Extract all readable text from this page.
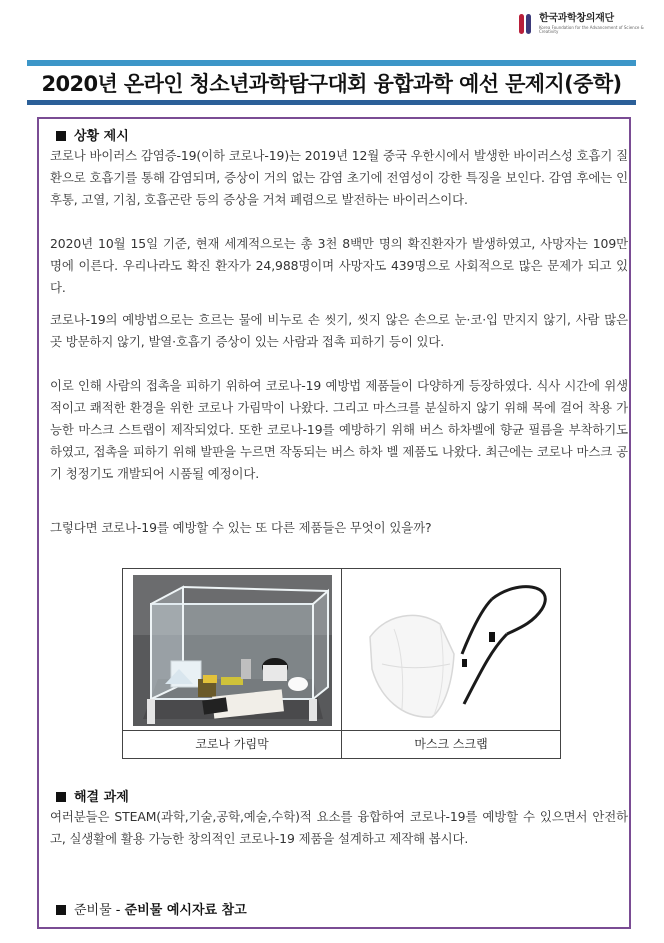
한국과학창의재단
Korea Foundation for the Advancement of Science & Creativity
2020년 온라인 청소년과학탐구대회 융합과학 예선 문제지(중학)
상황 제시
코로나 바이러스 감염증-19(이하 코로나-19)는 2019년 12월 중국 우한시에서 발생한 바이러스성 호흡기 질환으로 호흡기를 통해 감염되며, 증상이 거의 없는 감염 초기에 전염성이 강한 특징을 보인다. 감염 후에는 인후통, 고열, 기침, 호흡곤란 등의 증상을 거쳐 폐렴으로 발전하는 바이러스이다.
2020년 10월 15일 기준, 현재 세계적으로는 총 3천 8백만 명의 확진환자가 발생하였고, 사망자는 109만 명에 이른다. 우리나라도 확진 환자가 24,988명이며 사망자도 439명으로 사회적으로 많은 문제가 되고 있다.
코로나-19의 예방법으로는 흐르는 물에 비누로 손 씻기, 씻지 않은 손으로 눈·코·입 만지지 않기, 사람 많은 곳 방문하지 않기, 발열·호흡기 증상이 있는 사람과 접촉 피하기 등이 있다.
이로 인해 사람의 접촉을 피하기 위하여 코로나-19 예방법 제품들이 다양하게 등장하였다. 식사 시간에 위생적이고 쾌적한 환경을 위한 코로나 가림막이 나왔다. 그리고 마스크를 분실하지 않기 위해 목에 걸어 착용 가능한 마스크 스트랩이 제작되었다. 또한 코로나-19를 예방하기 위해 버스 하차벨에 향균 필름을 부착하기도 하였고, 접촉을 피하기 위해 발판을 누르면 작동되는 버스 하차 벨 제품도 나왔다. 최근에는 코로나 마스크 공기 청정기도 개발되어 시품될 예정이다.
그렇다면 코로나-19를 예방할 수 있는 또 다른 제품들은 무엇이 있을까?
코로나 가림막	마스크 스크랩
해결 과제
여러분들은 STEAM(과학,기술,공학,예술,수학)적 요소를 융합하여 코로나-19를 예방할 수 있으면서 안전하고, 실생활에 활용 가능한 창의적인 코로나-19 제품을 설계하고 제작해 봅시다.
준비물 - 준비물 예시자료 참고
